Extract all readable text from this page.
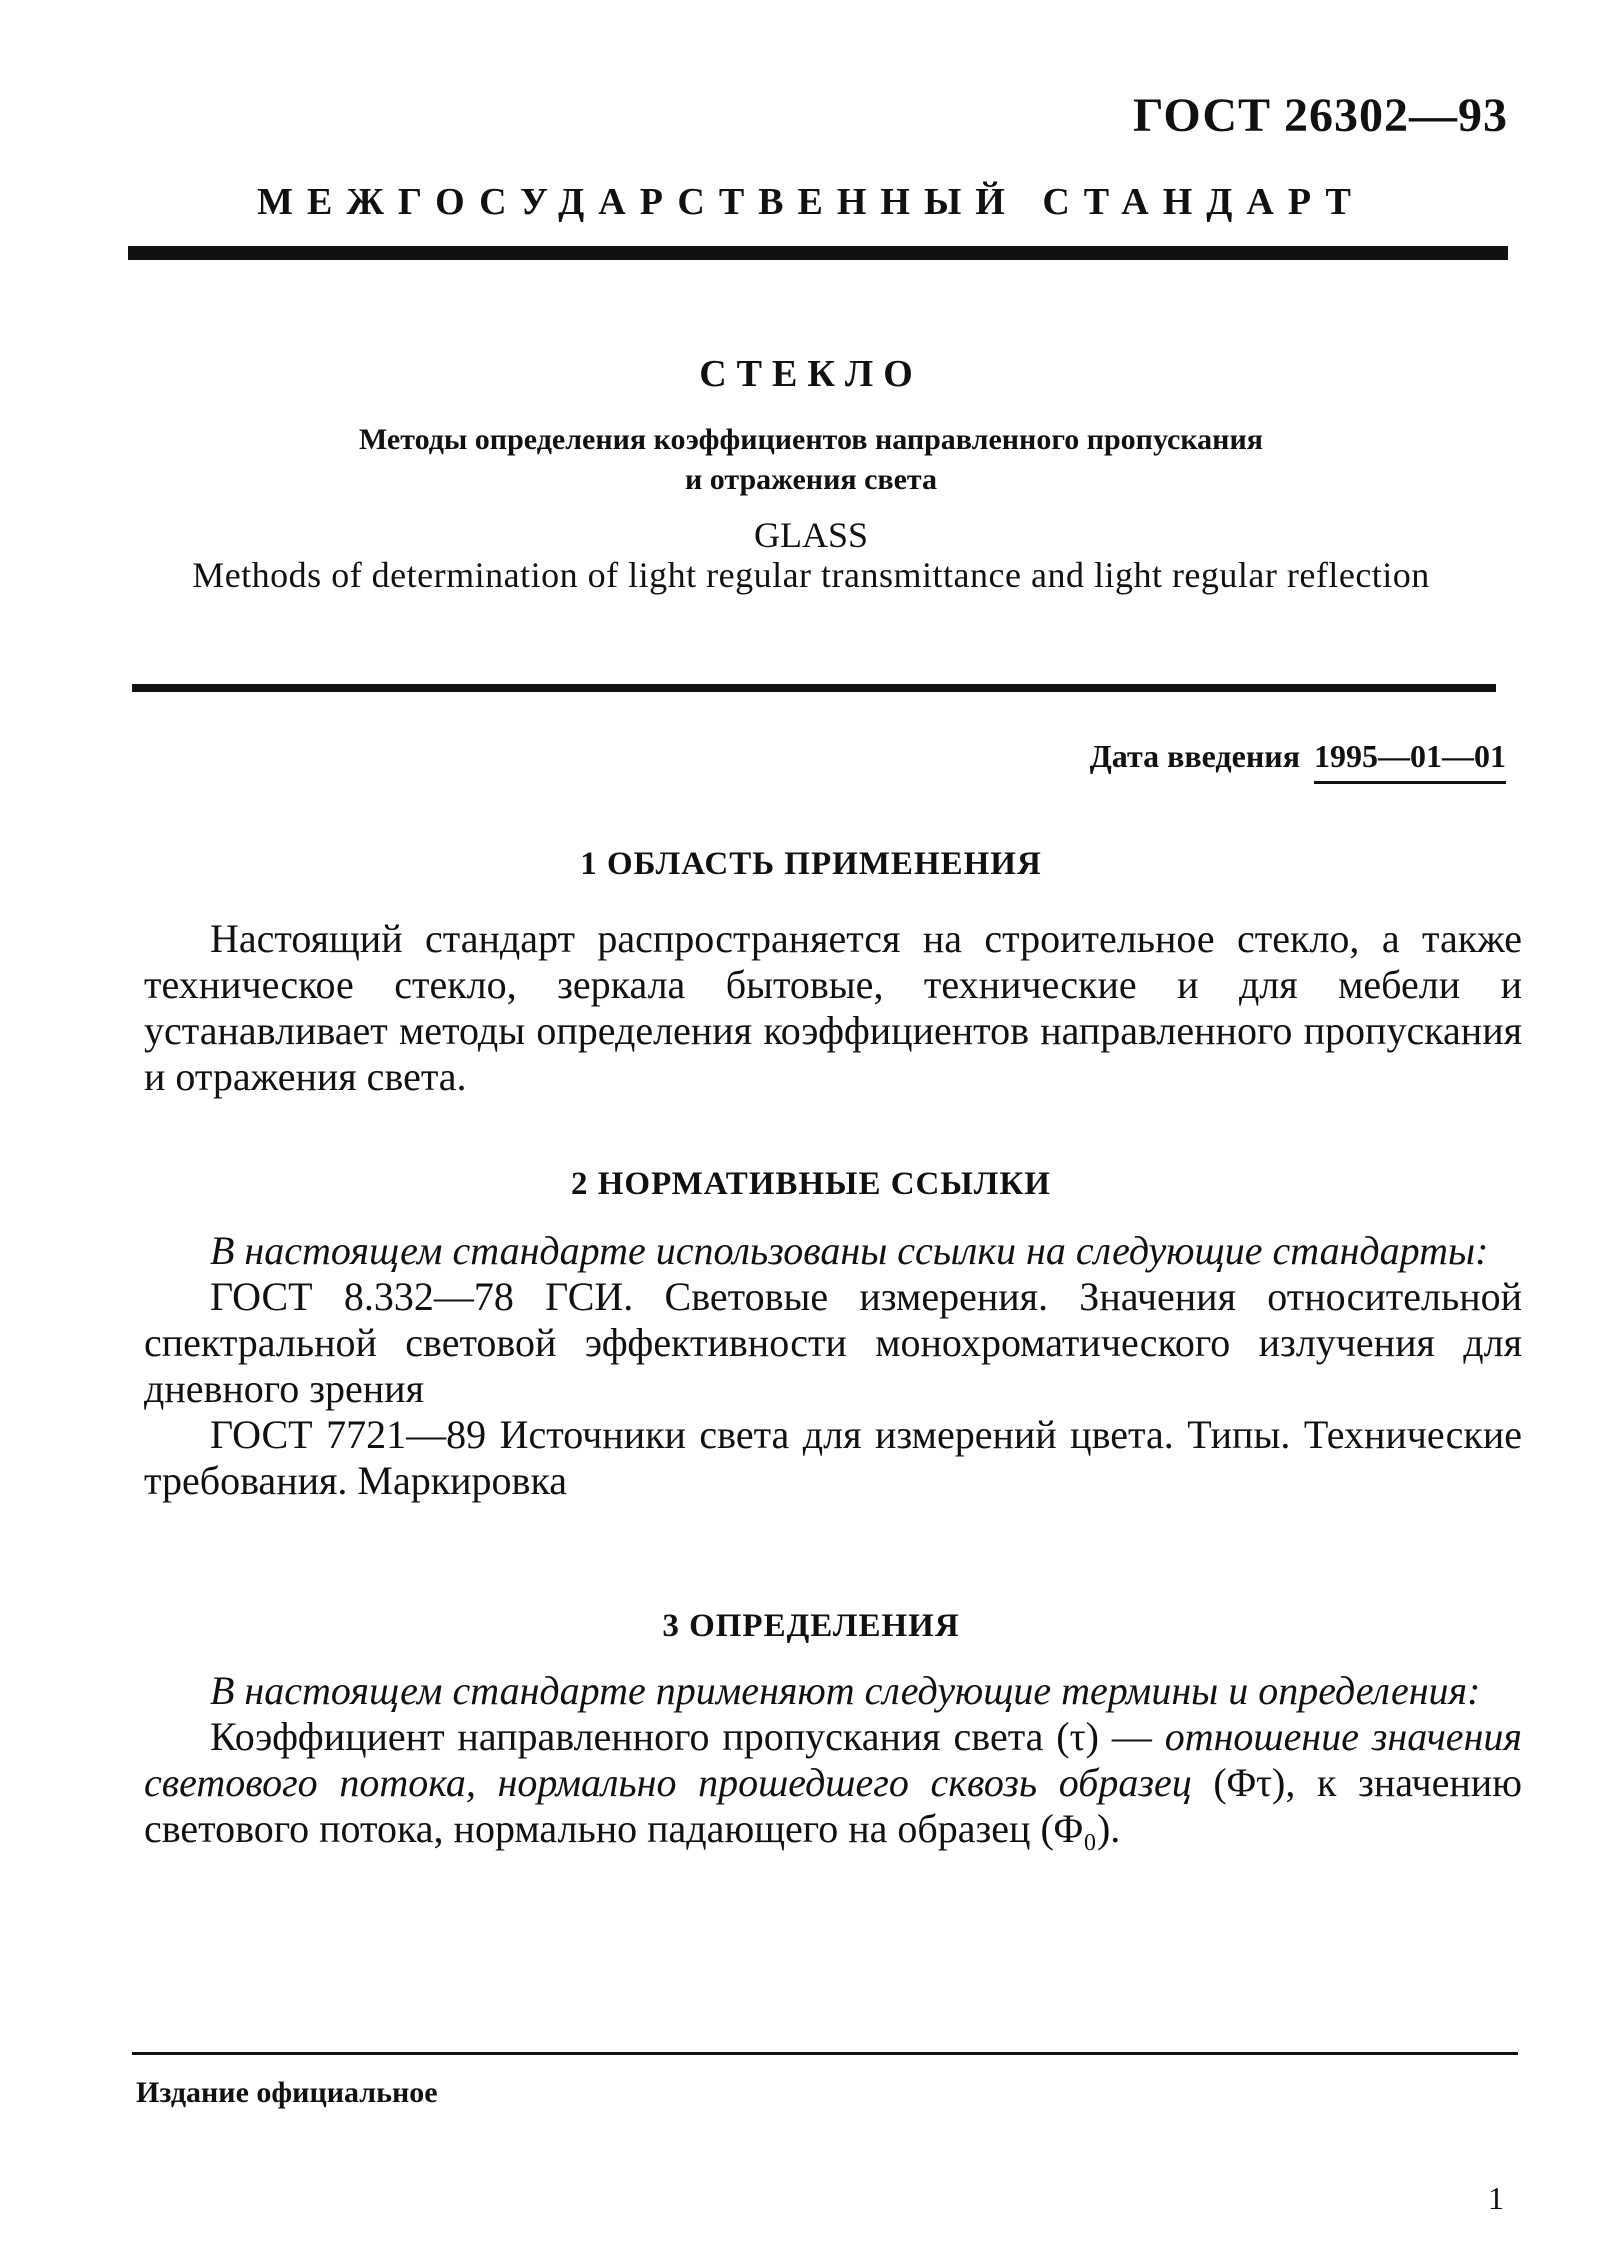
ГОСТ 26302—93
МЕЖГОСУДАРСТВЕННЫЙ СТАНДАРТ
СТЕКЛО
Методы определения коэффициентов направленного пропускания
и отражения света
GLASS
Methods of determination of light regular transmittance and light regular reflection
Дата введения 1995—01—01
1 ОБЛАСТЬ ПРИМЕНЕНИЯ
Настоящий стандарт распространяется на строительное стекло, а также техническое стекло, зеркала бытовые, технические и для мебели и устанавливает методы определения коэффициентов направленного пропускания и отражения света.
2 НОРМАТИВНЫЕ ССЫЛКИ
В настоящем стандарте использованы ссылки на следующие стандарты:
ГОСТ 8.332—78 ГСИ. Световые измерения. Значения относительной спектральной световой эффективности монохроматического излучения для дневного зрения
ГОСТ 7721—89 Источники света для измерений цвета. Типы. Технические требования. Маркировка
3 ОПРЕДЕЛЕНИЯ
В настоящем стандарте применяют следующие термины и определения:
Коэффициент направленного пропускания света (τ) — отношение значения светового потока, нормально прошедшего сквозь образец (Φτ), к значению светового потока, нормально падающего на образец (Φ₀).
Издание официальное
1
